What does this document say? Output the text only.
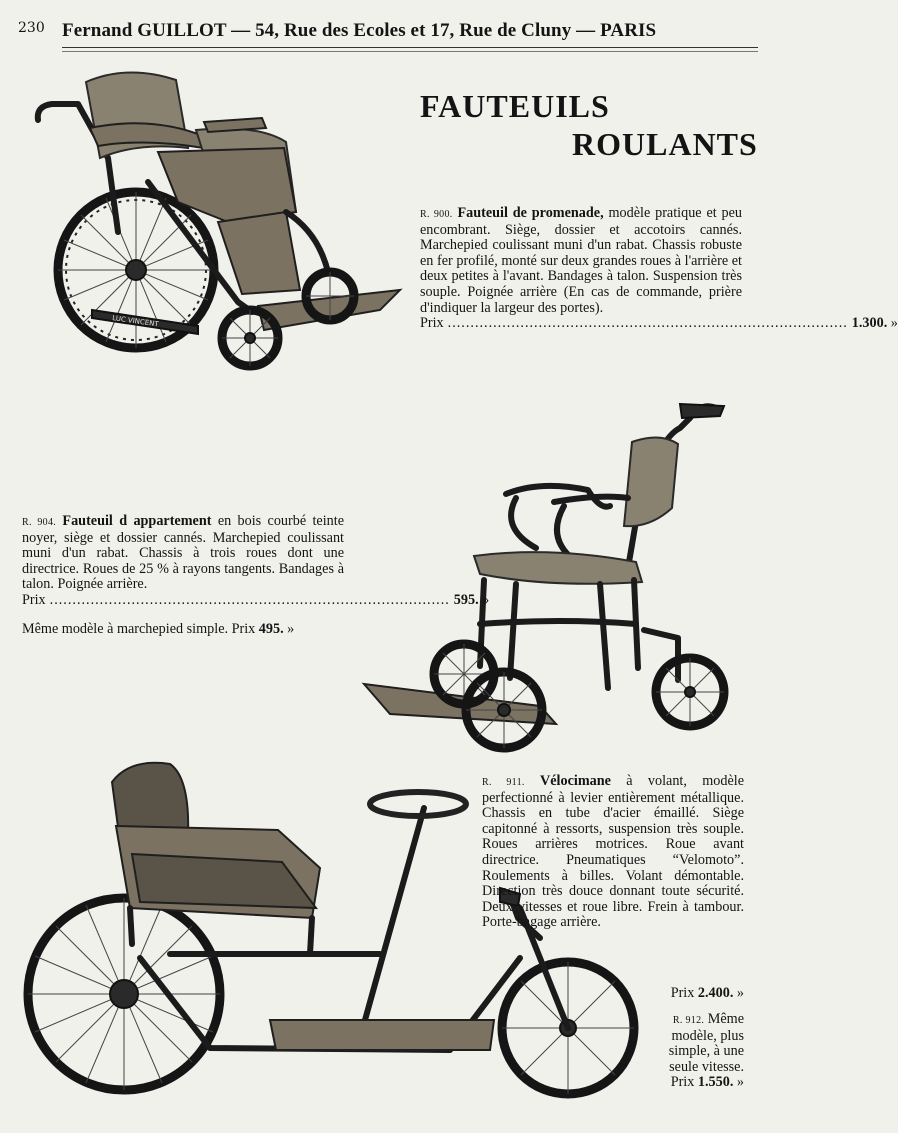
230 Fernand GUILLOT — 54, Rue des Ecoles et 17, Rue de Cluny — PARIS
FAUTEUILS
ROULANTS
LUC VINCENT
R. 900. Fauteuil de promenade, modèle pratique et peu encombrant. Siège, dossier et accotoirs cannés. Marchepied coulissant muni d'un rabat. Chassis robuste en fer profilé, monté sur deux grandes roues à l'arrière et deux petites à l'avant. Bandages à talon. Suspension très souple. Poignée arrière (En cas de commande, prière d'indiquer la largeur des portes).
Prix ........................................................................................ 1.300.
»
R. 904. Fauteuil d appartement en bois courbé teinte noyer, siège et dossier cannés. Marchepied coulissant muni d'un rabat. Chassis à trois roues dont une directrice. Roues de 25 % à rayons tangents. Bandages à talon. Poignée arrière.
Prix ........................................................................................ 595.
»
Même modèle à marchepied simple. Prix 495. »
R. 911. Vélocimane à volant, modèle perfectionné à levier entièrement métallique. Chassis en tube d'acier émaillé. Siège capitonné à ressorts, suspension très souple. Roues arrières motrices. Roue avant directrice. Pneumatiques “Velomoto”. Roulements à billes. Volant démontable. Direction très douce donnant toute sécurité. Deux vitesses et roue libre. Frein à tambour. Porte-bagage arrière.
Prix 2.400. »
R. 912. Même modèle, plus simple, à une seule vitesse.
Prix 1.550. »
